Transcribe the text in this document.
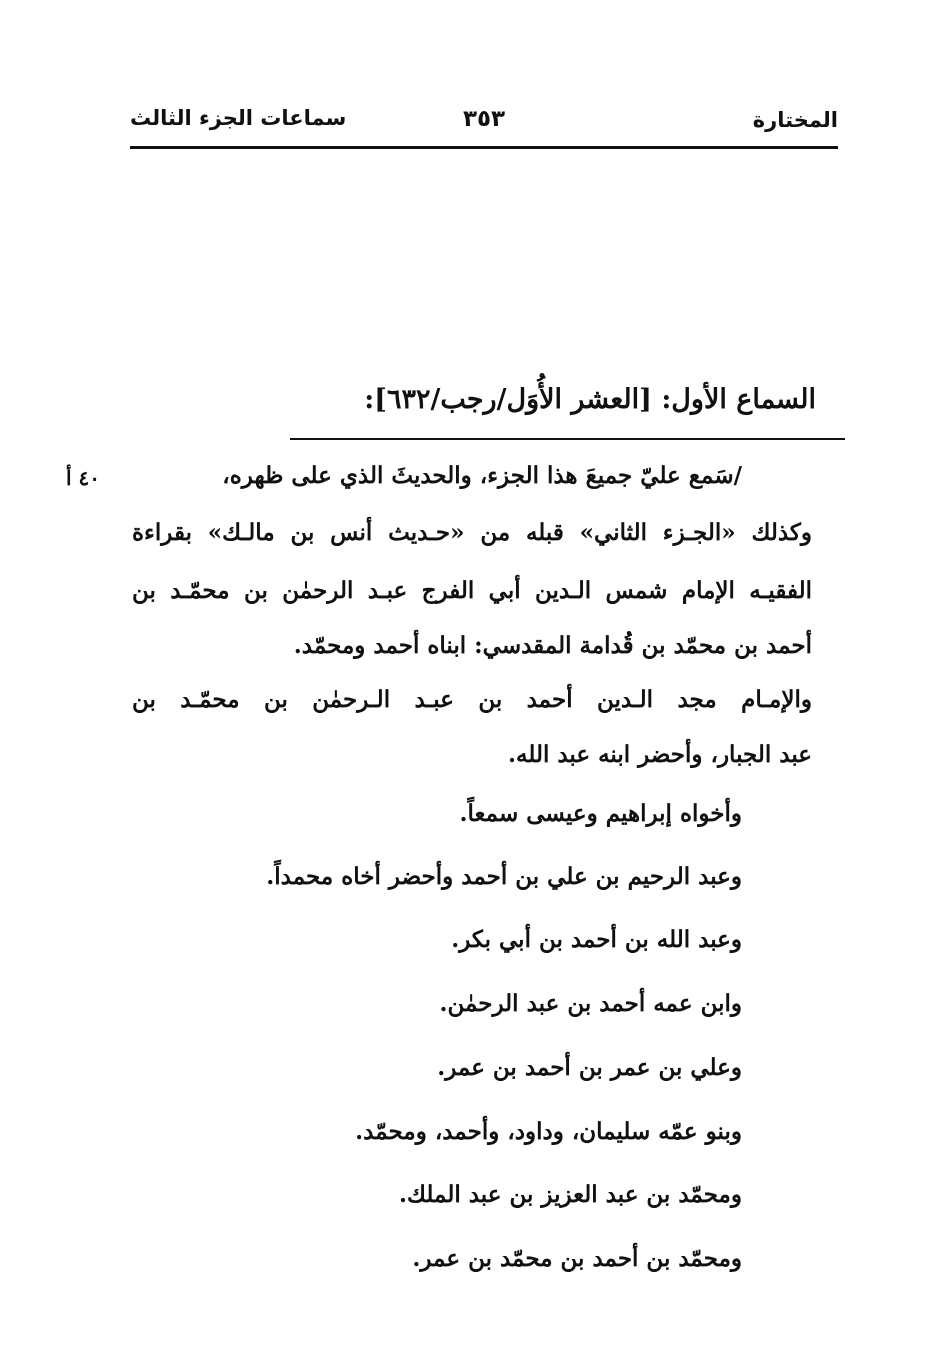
المختارة
٣٥٣
سماعات الجزء الثالث
السماع الأول: [العشر الأُوَل/رجب/٦٣٢]:
٤٠ أ	/سَمع عليّ جميعَ هذا الجزء، والحديثَ الذي على ظهره،
وكذلك «الجـزء الثاني» قبله من «حـديث أنس بن مالـك» بقراءة
الفقيـه الإمام شمس الـدين أبي الفرج عبـد الرحمٰن بن محمّـد بن
أحمد بن محمّد بن قُدامة المقدسي: ابناه أحمد ومحمّد.
والإمـام مجد الـدين أحمد بن عبـد الـرحمٰن بن محمّـد بن
عبد الجبار، وأحضر ابنه عبد الله.
وأخواه إبراهيم وعيسى سمعاً.
وعبد الرحيم بن علي بن أحمد وأحضر أخاه محمداً.
وعبد الله بن أحمد بن أبي بكر.
وابن عمه أحمد بن عبد الرحمٰن.
وعلي بن عمر بن أحمد بن عمر.
وبنو عمّه سليمان، وداود، وأحمد، ومحمّد.
ومحمّد بن عبد العزيز بن عبد الملك.
ومحمّد بن أحمد بن محمّد بن عمر.
